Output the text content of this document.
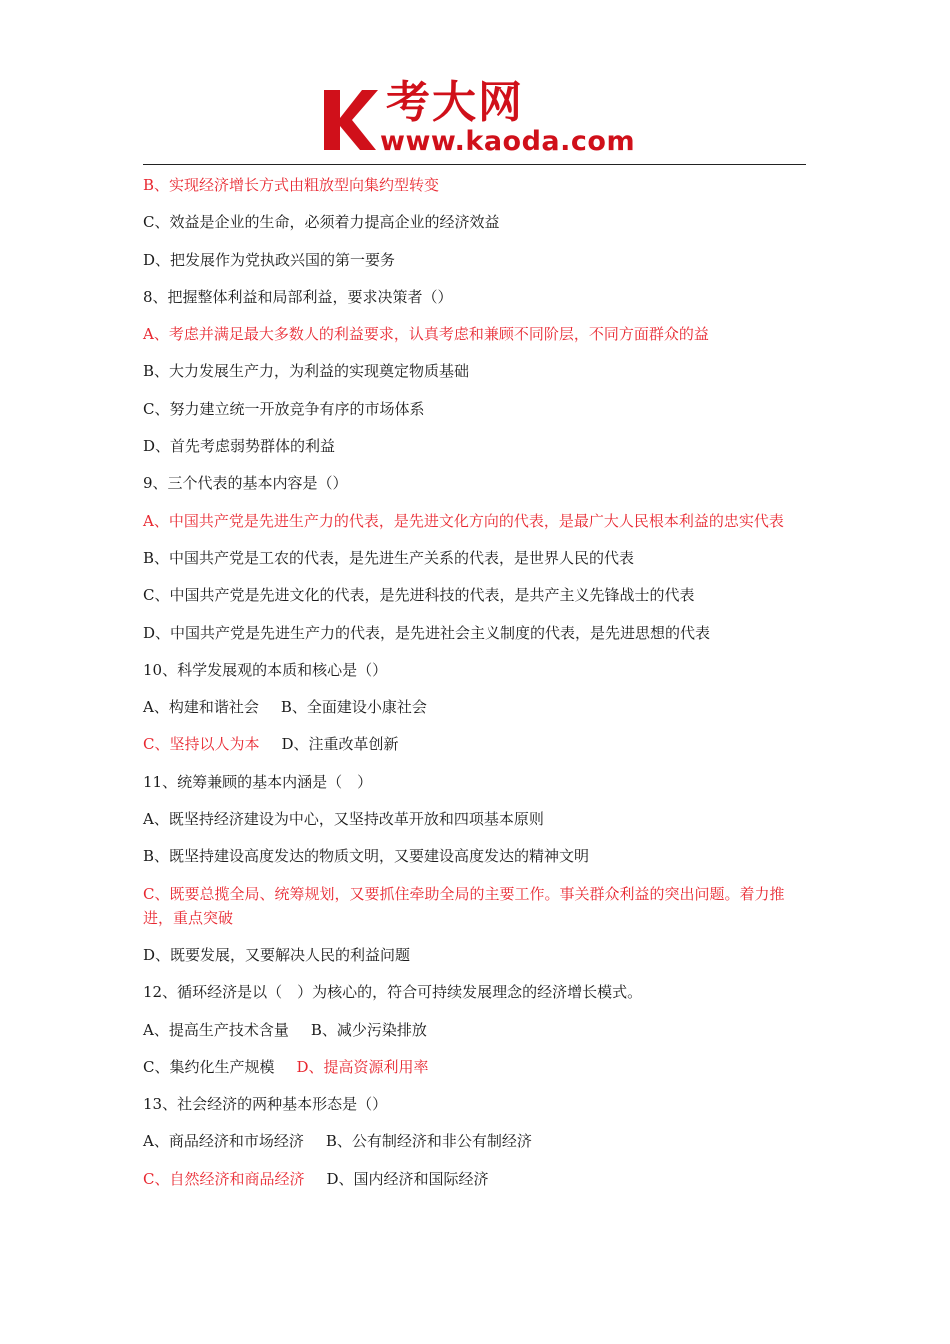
考大网
www.kaoda.com

B、实现经济增长方式由粗放型向集约型转变

C、效益是企业的生命，必须着力提高企业的经济效益

D、把发展作为党执政兴国的第一要务

8、把握整体利益和局部利益，要求决策者（）

A、考虑并满足最大多数人的利益要求，认真考虑和兼顾不同阶层，不同方面群众的益

B、大力发展生产力，为利益的实现奠定物质基础

C、努力建立统一开放竞争有序的市场体系

D、首先考虑弱势群体的利益

9、三个代表的基本内容是（）

A、中国共产党是先进生产力的代表，是先进文化方向的代表，是最广大人民根本利益的忠实代表

B、中国共产党是工农的代表，是先进生产关系的代表，是世界人民的代表

C、中国共产党是先进文化的代表，是先进科技的代表，是共产主义先锋战士的代表

D、中国共产党是先进生产力的代表，是先进社会主义制度的代表，是先进思想的代表

10、科学发展观的本质和核心是（）

A、构建和谐社会 B、全面建设小康社会

C、坚持以人为本 D、注重改革创新

11、统筹兼顾的基本内涵是（　）

A、既坚持经济建设为中心，又坚持改革开放和四项基本原则

B、既坚持建设高度发达的物质文明，又要建设高度发达的精神文明

C、既要总揽全局、统筹规划，又要抓住牵助全局的主要工作。事关群众利益的突出问题。着力推进，重点突破

D、既要发展，又要解决人民的利益问题

12、循环经济是以（　）为核心的，符合可持续发展理念的经济增长模式。

A、提高生产技术含量 B、减少污染排放

C、集约化生产规模 D、提高资源利用率

13、社会经济的两种基本形态是（）

A、商品经济和市场经济 B、公有制经济和非公有制经济

C、自然经济和商品经济 D、国内经济和国际经济
